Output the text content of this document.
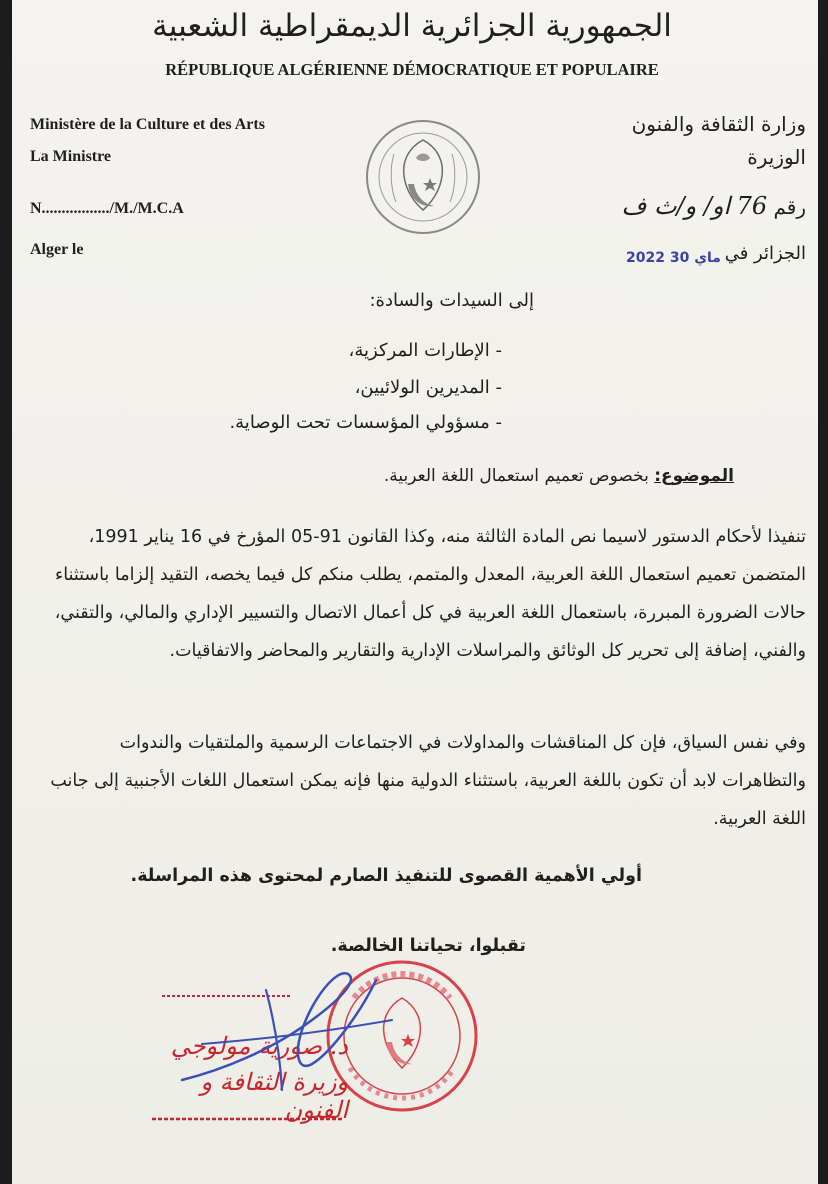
الجمهورية الجزائرية الديمقراطية الشعبية
RÉPUBLIQUE ALGÉRIENNE DÉMOCRATIQUE ET POPULAIRE
Ministère de la Culture et des Arts
La Ministre
N................./M./M.C.A
Alger le
وزارة الثقافة والفنون
الوزيرة
رقم 76 او/ و/ث ف
2022 ماي 30 الجزائر في
إلى السيدات والسادة:
- الإطارات المركزية،
- المديرين الولائيين،
- مسؤولي المؤسسات تحت الوصاية.
الموضوع: بخصوص تعميم استعمال اللغة العربية.
تنفيذا لأحكام الدستور لاسيما نص المادة الثالثة منه، وكذا القانون 91-05 المؤرخ في 16 يناير 1991، المتضمن تعميم استعمال اللغة العربية، المعدل والمتمم، يطلب منكم كل فيما يخصه، التقيد إلزاما باستثناء حالات الضرورة المبررة، باستعمال اللغة العربية في كل أعمال الاتصال والتسيير الإداري والمالي، والتقني، والفني، إضافة إلى تحرير كل الوثائق والمراسلات الإدارية والتقارير والمحاضر والاتفاقيات.
وفي نفس السياق، فإن كل المناقشات والمداولات في الاجتماعات الرسمية والملتقيات والندوات والتظاهرات لابد أن تكون باللغة العربية، باستثناء الدولية منها فإنه يمكن استعمال اللغات الأجنبية إلى جانب اللغة العربية.
أولي الأهمية القصوى للتنفيذ الصارم لمحتوى هذه المراسلة.
تقبلوا، تحياتنا الخالصة.
د. صورية مولوجي
وزيرة الثقافة و الفنون
